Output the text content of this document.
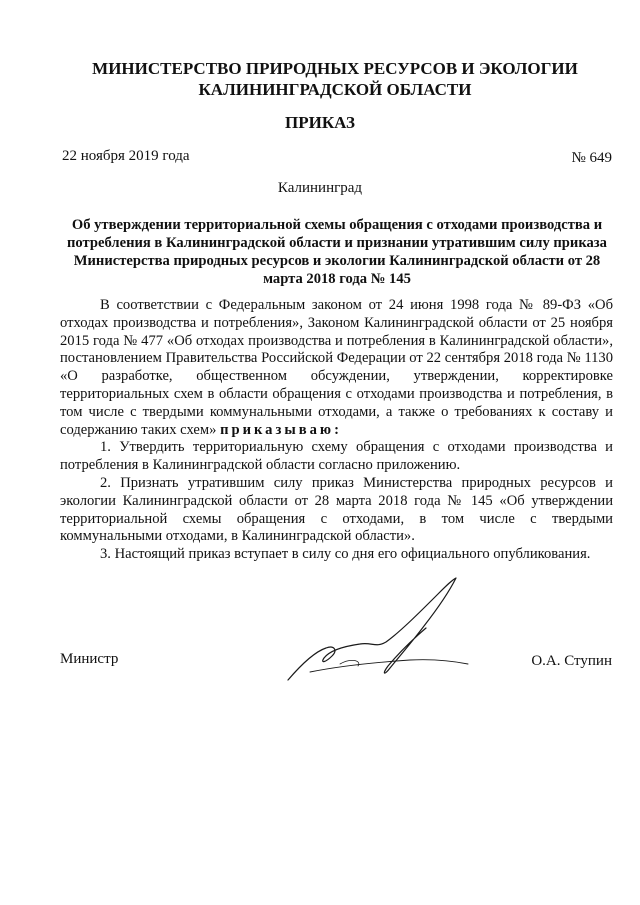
МИНИСТЕРСТВО ПРИРОДНЫХ РЕСУРСОВ И ЭКОЛОГИИ
КАЛИНИНГРАДСКОЙ ОБЛАСТИ
ПРИКАЗ
22 ноября 2019 года	№ 649
Калининград
Об утверждении территориальной схемы обращения с отходами производства и потребления в Калининградской области и признании утратившим силу приказа Министерства природных ресурсов и экологии Калининградской области от 28 марта 2018 года № 145

В соответствии с Федеральным законом от 24 июня 1998 года № 89-ФЗ «Об отходах производства и потребления», Законом Калининградской области от 25 ноября 2015 года № 477 «Об отходах производства и потребления в Калининградской области», постановлением Правительства Российской Федерации от 22 сентября 2018 года № 1130 «О разработке, общественном обсуждении, утверждении, корректировке территориальных схем в области обращения с отходами производства и потребления, в том числе с твердыми коммунальными отходами, а также о требованиях к составу и содержанию таких схем» приказываю:

1. Утвердить территориальную схему обращения с отходами производства и потребления в Калининградской области согласно приложению.

2. Признать утратившим силу приказ Министерства природных ресурсов и экологии Калининградской области от 28 марта 2018 года № 145 «Об утверждении территориальной схемы обращения с отходами, в том числе с твердыми коммунальными отходами, в Калининградской области».

3. Настоящий приказ вступает в силу со дня его официального опубликования.

Министр	О.А. Ступин
